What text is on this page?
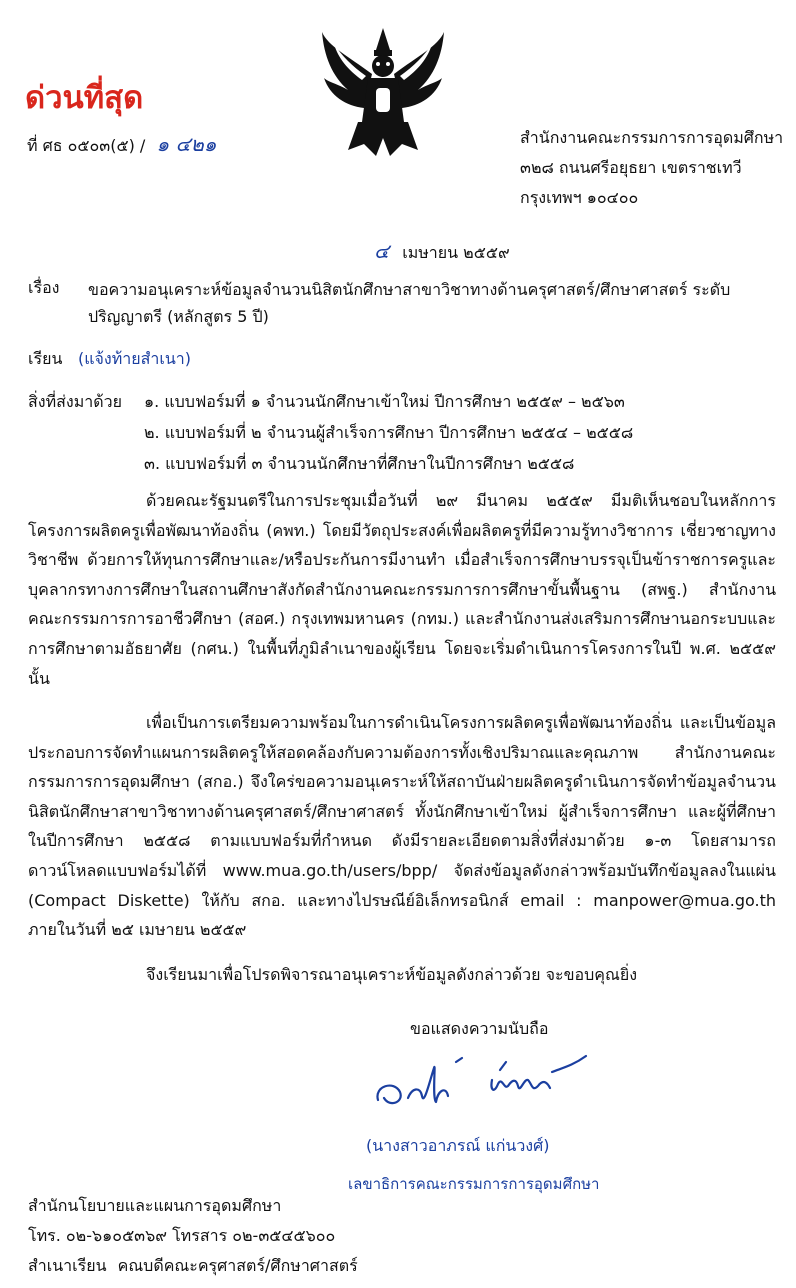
ด่วนที่สุด
ที่ ศธ ๐๕๐๓(๕) / ๑ ๔๒๑	สำนักงานคณะกรรมการการอุดมศึกษา
๓๒๘ ถนนศรีอยุธยา เขตราชเทวี
กรุงเทพฯ ๑๐๔๐๐
๔ เมษายน ๒๕๕๙
เรื่อง ขอความอนุเคราะห์ข้อมูลจำนวนนิสิตนักศึกษาสาขาวิชาทางด้านครุศาสตร์/ศึกษาศาสตร์ ระดับปริญญาตรี (หลักสูตร 5 ปี)
เรียน (แจ้งท้ายสำเนา)
สิ่งที่ส่งมาด้วย ๑. แบบฟอร์มที่ ๑ จำนวนนักศึกษาเข้าใหม่ ปีการศึกษา ๒๕๕๙ – ๒๕๖๓
๒. แบบฟอร์มที่ ๒ จำนวนผู้สำเร็จการศึกษา ปีการศึกษา ๒๕๕๔ – ๒๕๕๘
๓. แบบฟอร์มที่ ๓ จำนวนนักศึกษาที่ศึกษาในปีการศึกษา ๒๕๕๘
ด้วยคณะรัฐมนตรีในการประชุมเมื่อวันที่ ๒๙ มีนาคม ๒๕๕๙ มีมติเห็นชอบในหลักการโครงการผลิตครูเพื่อพัฒนาท้องถิ่น (คพท.) โดยมีวัตถุประสงค์เพื่อผลิตครูที่มีความรู้ทางวิชาการ เชี่ยวชาญทางวิชาชีพ ด้วยการให้ทุนการศึกษาและ/หรือประกันการมีงานทำ เมื่อสำเร็จการศึกษาบรรจุเป็นข้าราชการครูและบุคลากรทางการศึกษาในสถานศึกษาสังกัดสำนักงานคณะกรรมการการศึกษาขั้นพื้นฐาน (สพฐ.) สำนักงานคณะกรรมการการอาชีวศึกษา (สอศ.) กรุงเทพมหานคร (กทม.) และสำนักงานส่งเสริมการศึกษานอกระบบและการศึกษาตามอัธยาศัย (กศน.) ในพื้นที่ภูมิลำเนาของผู้เรียน โดยจะเริ่มดำเนินการโครงการในปี พ.ศ. ๒๕๕๙ นั้น
เพื่อเป็นการเตรียมความพร้อมในการดำเนินโครงการผลิตครูเพื่อพัฒนาท้องถิ่น และเป็นข้อมูลประกอบการจัดทำแผนการผลิตครูให้สอดคล้องกับความต้องการทั้งเชิงปริมาณและคุณภาพ สำนักงานคณะกรรมการการอุดมศึกษา (สกอ.) จึงใคร่ขอความอนุเคราะห์ให้สถาบันฝ่ายผลิตครูดำเนินการจัดทำข้อมูลจำนวนนิสิตนักศึกษาสาขาวิชาทางด้านครุศาสตร์/ศึกษาศาสตร์ ทั้งนักศึกษาเข้าใหม่ ผู้สำเร็จการศึกษา และผู้ที่ศึกษาในปีการศึกษา ๒๕๕๘ ตามแบบฟอร์มที่กำหนด ดังมีรายละเอียดตามสิ่งที่ส่งมาด้วย ๑-๓ โดยสามารถดาวน์โหลดแบบฟอร์มได้ที่ www.mua.go.th/users/bpp/ จัดส่งข้อมูลดังกล่าวพร้อมบันทึกข้อมูลลงในแผ่น (Compact Diskette) ให้กับ สกอ. และทางไปรษณีย์อิเล็กทรอนิกส์ email : manpower@mua.go.th ภายในวันที่ ๒๕ เมษายน ๒๕๕๙
จึงเรียนมาเพื่อโปรดพิจารณาอนุเคราะห์ข้อมูลดังกล่าวด้วย จะขอบคุณยิ่ง
ขอแสดงความนับถือ
(นางสาวอาภรณ์ แก่นวงศ์)
เลขาธิการคณะกรรมการการอุดมศึกษา
สำนักนโยบายและแผนการอุดมศึกษา
โทร. ๐๒-๖๑๐๕๓๖๙ โทรสาร ๐๒-๓๕๔๕๖๐๐
สำเนาเรียน คณบดีคณะครุศาสตร์/ศึกษาศาสตร์
